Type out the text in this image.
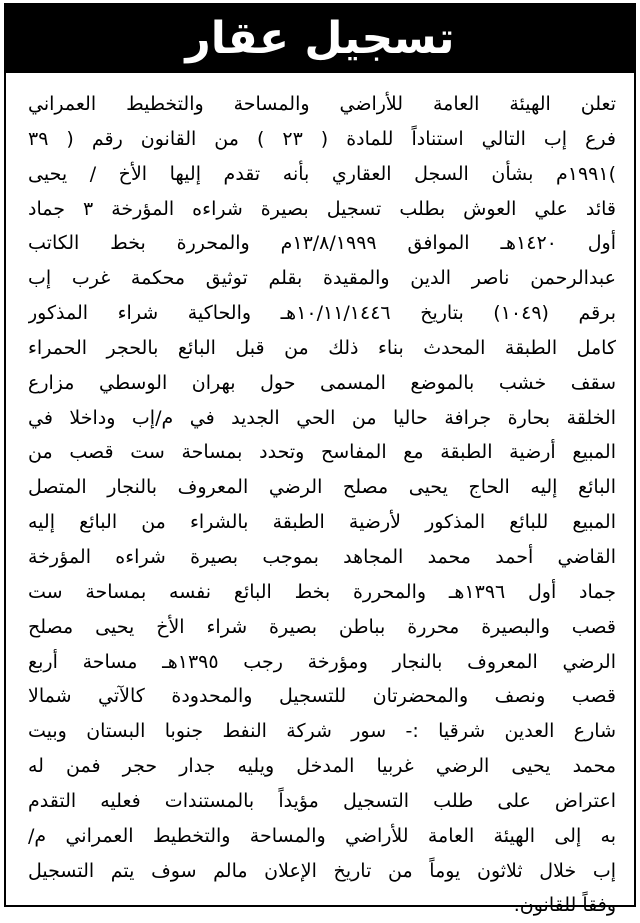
تسجيل عقار
تعلن الهيئة العامة للأراضي والمساحة والتخطيط العمراني
فرع إب التالي استناداً للمادة ( ٢٣ ) من القانون رقم ( ٣٩
)١٩٩١م بشأن السجل العقاري بأنه تقدم إليها الأخ / يحيى
قائد علي العوش بطلب تسجيل بصيرة شراءه المؤرخة ٣ جماد
أول ١٤٢٠هـ الموافق ١٣/٨/١٩٩٩م والمحررة بخط الكاتب
عبدالرحمن ناصر الدين والمقيدة بقلم توثيق محكمة غرب إب
برقم (١٠٤٩) بتاريخ ١٠/١١/١٤٤٦هـ والحاكية شراء المذكور
كامل الطبقة المحدث بناء ذلك من قبل البائع بالحجر الحمراء
سقف خشب بالموضع المسمى حول بهران الوسطي مزارع
الخلقة بحارة جرافة حاليا من الحي الجديد في م/إب وداخلا في
المبيع أرضية الطبقة مع المفاسح وتحدد بمساحة ست قصب من
البائع إليه الحاج يحيى مصلح الرضي المعروف بالنجار المتصل
المبيع للبائع المذكور لأرضية الطبقة بالشراء من البائع إليه
القاضي أحمد محمد المجاهد بموجب بصيرة شراءه المؤرخة
جماد أول ١٣٩٦هـ والمحررة بخط البائع نفسه بمساحة ست
قصب والبصيرة محررة بباطن بصيرة شراء الأخ يحيى مصلح
الرضي المعروف بالنجار ومؤرخة رجب ١٣٩٥هـ مساحة أربع
قصب ونصف والمحضرتان للتسجيل والمحدودة كالآتي شمالا
شارع العدين شرقيا :- سور شركة النفط جنوبا البستان وبيت
محمد يحيى الرضي غربيا المدخل ويليه جدار حجر فمن له
اعتراض على طلب التسجيل مؤيداً بالمستندات فعليه التقدم
به إلى الهيئة العامة للأراضي والمساحة والتخطيط العمراني م/
إب خلال ثلاثون يوماً من تاريخ الإعلان مالم سوف يتم التسجيل
وفقاً للقانون.
